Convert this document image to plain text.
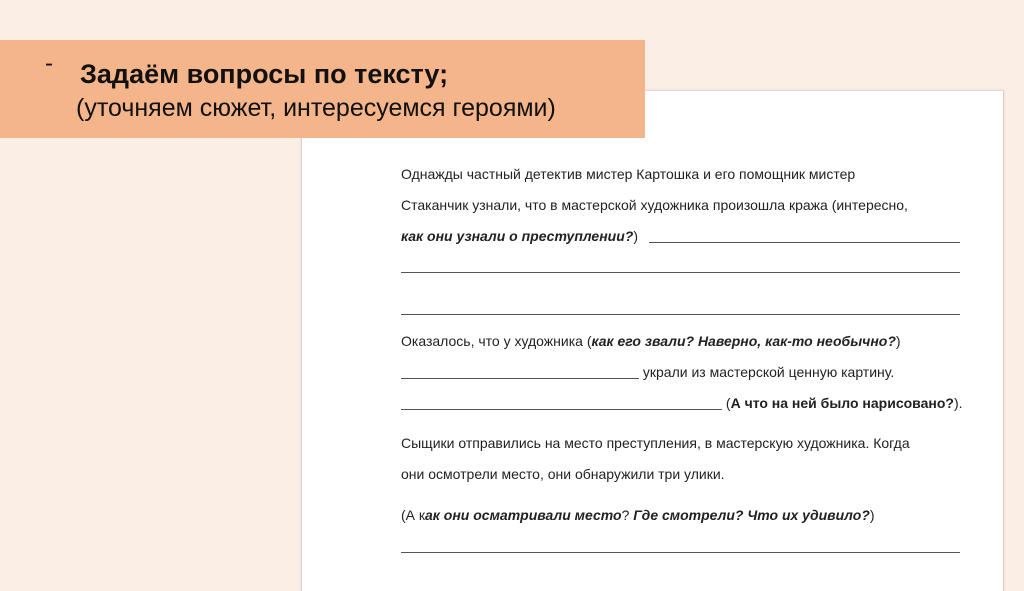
Однажды частный детектив мистер Картошка и его помощник мистер
Стаканчик узнали, что в мастерской художника произошла кража (интересно,
как они узнали о преступлении?)
Оказалось, что у художника (как его звали? Наверно, как-то необычно?)
украли из мастерской ценную картину.
(А что на ней было нарисовано?).
Сыщики отправились на место преступления, в мастерскую художника. Когда
они осмотрели место, они обнаружили три улики.
(А как они осматривали место? Где смотрели? Что их удивило?)
- Задаём вопросы по тексту;
(уточняем сюжет, интересуемся героями)
